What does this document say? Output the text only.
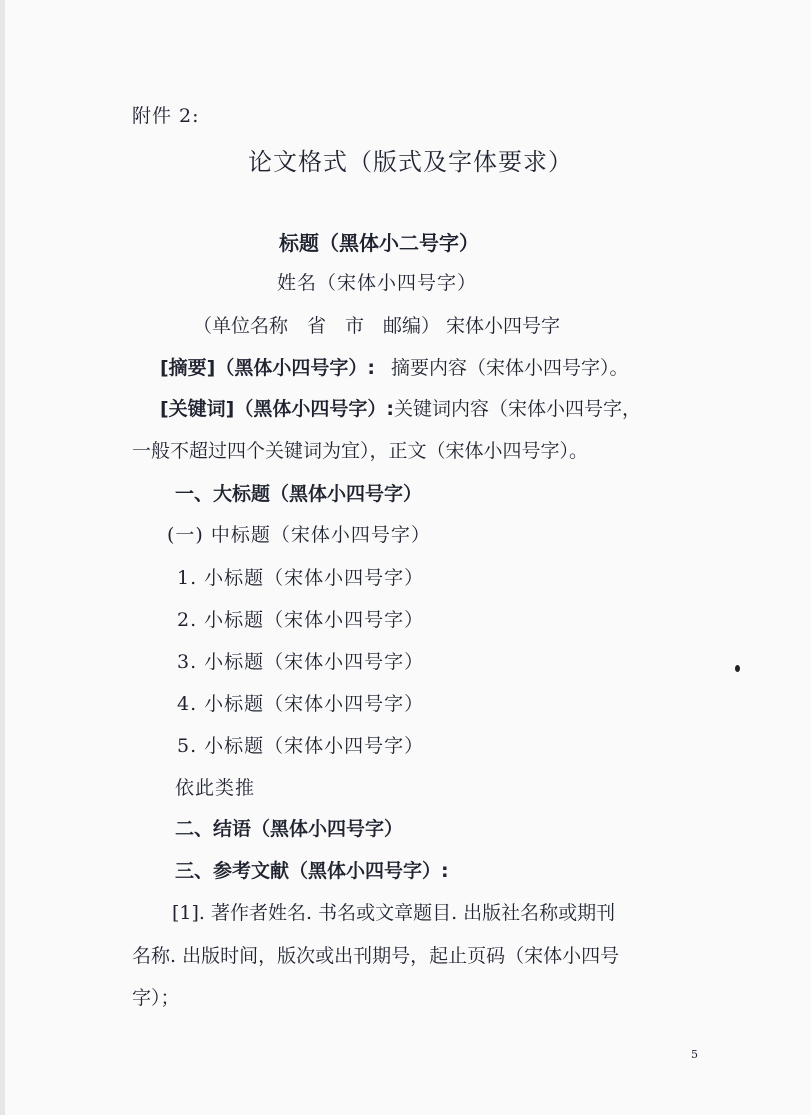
附件 2:
论文格式（版式及字体要求）
标题（黑体小二号字）
姓名（宋体小四号字）
（单位名称　省　市　邮编） 宋体小四号字
[摘要]（黑体小四号字）: 摘要内容（宋体小四号字）。
[关键词]（黑体小四号字）:关键词内容（宋体小四号字，
一般不超过四个关键词为宜），正文（宋体小四号字）。
一、大标题（黑体小四号字）
(一) 中标题（宋体小四号字）
1. 小标题（宋体小四号字）
2. 小标题（宋体小四号字）
3. 小标题（宋体小四号字）
4. 小标题（宋体小四号字）
5. 小标题（宋体小四号字）
依此类推
二、结语（黑体小四号字）
三、参考文献（黑体小四号字）:
[1]. 著作者姓名. 书名或文章题目. 出版社名称或期刊
名称. 出版时间，版次或出刊期号，起止页码（宋体小四号
字）；
5
